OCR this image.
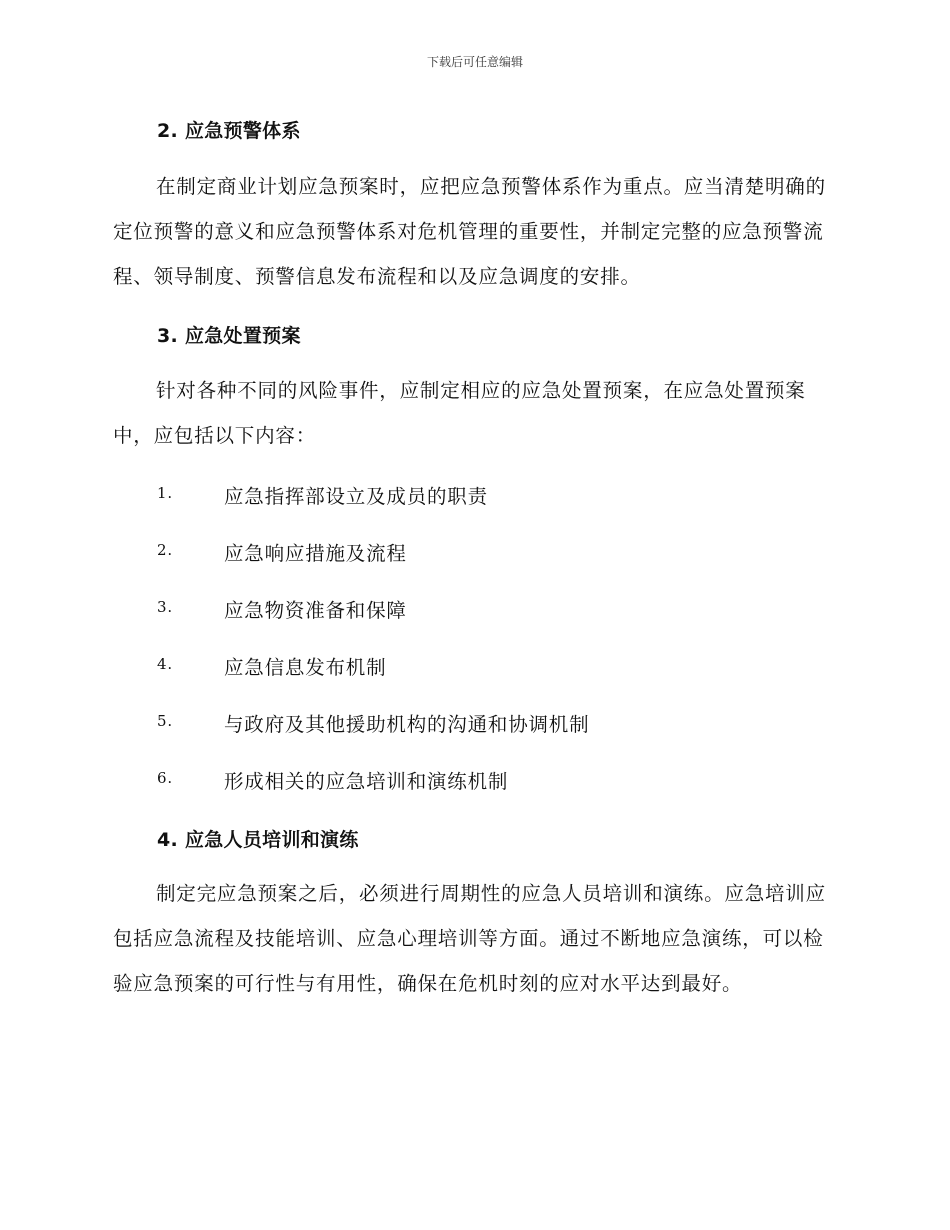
下载后可任意编辑
2. 应急预警体系

在制定商业计划应急预案时，应把应急预警体系作为重点。应当清楚明确的定位预警的意义和应急预警体系对危机管理的重要性，并制定完整的应急预警流程、领导制度、预警信息发布流程和以及应急调度的安排。

3. 应急处置预案

针对各种不同的风险事件，应制定相应的应急处置预案，在应急处置预案中，应包括以下内容：

1.	应急指挥部设立及成员的职责
2.	应急响应措施及流程
3.	应急物资准备和保障
4.	应急信息发布机制
5.	与政府及其他援助机构的沟通和协调机制
6.	形成相关的应急培训和演练机制
4. 应急人员培训和演练

制定完应急预案之后，必须进行周期性的应急人员培训和演练。应急培训应包括应急流程及技能培训、应急心理培训等方面。通过不断地应急演练，可以检验应急预案的可行性与有用性，确保在危机时刻的应对水平达到最好。
